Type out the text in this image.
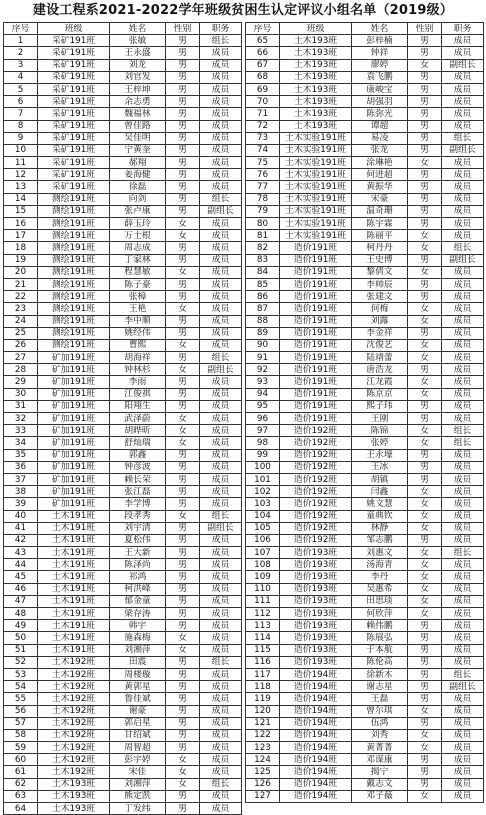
建设工程系2021-2022学年班级贫困生认定评议小组名单（2019级）
序号	班级	姓名	性别	职务
1	采矿191班	张敏	男	组长
2	采矿191班	王永盛	男	成员
3	采矿191班	刘龙	男	成员
4	采矿191班	刘官发	男	成员
5	采矿191班	王梓坤	男	成员
6	采矿191班	余志勇	男	成员
7	采矿191班	魏福林	男	成员
8	采矿191班	曾佳路	男	成员
9	采矿191班	吴佳明	男	成员
10	采矿191班	宁黄奎	男	成员
11	采矿191班	郝翔	男	成员
12	采矿191班	姜海健	男	成员
13	采矿191班	徐磊	男	成员
14	测绘191班	向剑	男	组长
15	测绘191班	张卢康	男	副组长
16	测绘191班	薛玉玲	女	成员
17	测绘191班	万士根	女	成员
18	测绘191班	周志成	男	成员
19	测绘191班	丁家林	男	成员
20	测绘191班	程慧敏	女	成员
21	测绘191班	陈子豪	男	成员
22	测绘191班	张樟	男	成员
23	测绘191班	王艳	女	成员
24	测绘191班	李中顺	男	成员
25	测绘191班	姚经伟	男	成员
26	测绘191班	曹熙	女	成员
27	矿加191班	胡海祥	男	组长
28	矿加191班	钟林杉	女	副组长
29	矿加191班	李雨	男	成员
30	矿加191班	江俊祺	男	成员
31	矿加191班	阳翔生	男	成员
32	矿加191班	武泽蔚	女	成员
33	矿加191班	胡晔昕	女	成员
34	矿加191班	舒灿瑞	女	成员
35	矿加191班	郭鑫	男	成员
36	矿加191班	钟彦波	男	成员
37	矿加191班	赖长荣	男	成员
38	矿加191班	张江磊	男	成员
39	矿加191班	李学博	男	成员
40	土木191班	段孝秀	女	组长
41	土木191班	刘宇清	男	副组长
42	土木191班	夏松伟	男	成员
43	土木191班	王大新	男	成员
44	土木191班	陈泽尚	男	成员
45	土木191班	祁鸿	男	成员
46	土木191班	柯洪峰	男	成员
47	土木191班	郁金童	男	成员
48	土木191班	梁存涛	男	成员
49	土木191班	韩宇	男	成员
50	土木191班	施森梅	女	成员
51	土木191班	刘湘萍	女	成员
52	土木192班	田震	男	组长
53	土木192班	周楼璇	男	成员
54	土木192班	黄郭星	男	成员
55	土木192班	鲁佳斌	男	成员
56	土木192班	谢豪	男	成员
57	土木192班	郭启星	男	成员
58	土木192班	甘绍斌	男	成员
59	土木192班	周智超	男	成员
60	土木192班	彭宇婷	女	成员
61	土木192班	宋佳	女	成员
62	土木193班	刘湘萍	女	组长
63	土木193班	熊定凯	男	成员
64	土木193班	丁发纬	男	成员
序号	班级	姓名	性别	职务
65	土木193班	彭梓楠	男	成员
66	土木193班	钟祥	男	成员
67	土木193班	廖婷	女	副组长
68	土木193班	袁飞鹏	男	成员
69	土木193班	康峻宝	男	成员
70	土木193班	胡强羽	男	成员
71	土木193班	陈弥光	男	成员
72	土木193班	谭超	男	成员
73	土木实验191班	易凌	男	组长
74	土木实验191班	张龙	男	副组长
75	土木实验191班	涂琳艳	女	成员
76	土木实验191班	何进超	男	成员
77	土木实验191班	黄振华	男	成员
78	土木实验191班	宋豪	男	成员
79	土木实验191班	温奇珊	男	成员
80	土木实验191班	陈宇霖	男	成员
81	土木实验191班	陈丽平	女	成员
82	造价191班	柯丹丹	女	组长
83	造价191班	王史博	男	副组长
84	造价191班	黎倩文	女	成员
85	造价191班	李帅辰	男	成员
86	造价191班	张建文	男	成员
87	造价191班	何梅	女	成员
88	造价191班	刘露	女	成员
89	造价191班	李金祥	男	成员
90	造价191班	沈俊艺	女	成员
91	造价191班	陆靖蕾	女	成员
92	造价191班	唐浩龙	男	成员
93	造价191班	江龙霞	女	成员
94	造价191班	陈京京	女	成员
95	造价191班	熙子玮	男	成员
96	造价191班	王刚	男	成员
97	造价192班	陈锦	女	组长
98	造价192班	张婷	女	组长
99	造价192班	王永壕	男	成员
100	造价192班	王冰	男	成员
101	造价192班	胡镇	男	成员
102	造价192班	闫鑫	女	成员
103	造价192班	姚文慧	女	成员
104	造价192班	童典钦	女	成员
105	造价192班	林静	女	成员
106	造价192班	邹志鹏	男	成员
107	造价193班	刘惠文	女	组长
108	造价193班	汤海青	女	成员
109	造价193班	李丹	女	成员
110	造价193班	吴惠希	女	成员
111	造价193班	田思琰	女	成员
112	造价193班	何欣萍	女	成员
113	造价193班	赖伟鹏	男	成员
114	造价193班	陈展弘	男	成员
115	造价193班	于本航	男	成员
116	造价193班	陈伦高	男	成员
117	造价194班	徐新木	男	组长
118	造价194班	谢志星	男	副组长
119	造价194班	王磊	男	成员
120	造价194班	曾尔琪	女	成员
121	造价194班	伍鸿	男	成员
122	造价194班	刘秀	女	成员
123	造价194班	黄菁菁	女	成员
124	造价194班	邓谋康	男	成员
125	造价194班	揭宁	男	成员
126	造价194班	戴志文	男	成员
127	造价194班	邓子薇	女	成员
